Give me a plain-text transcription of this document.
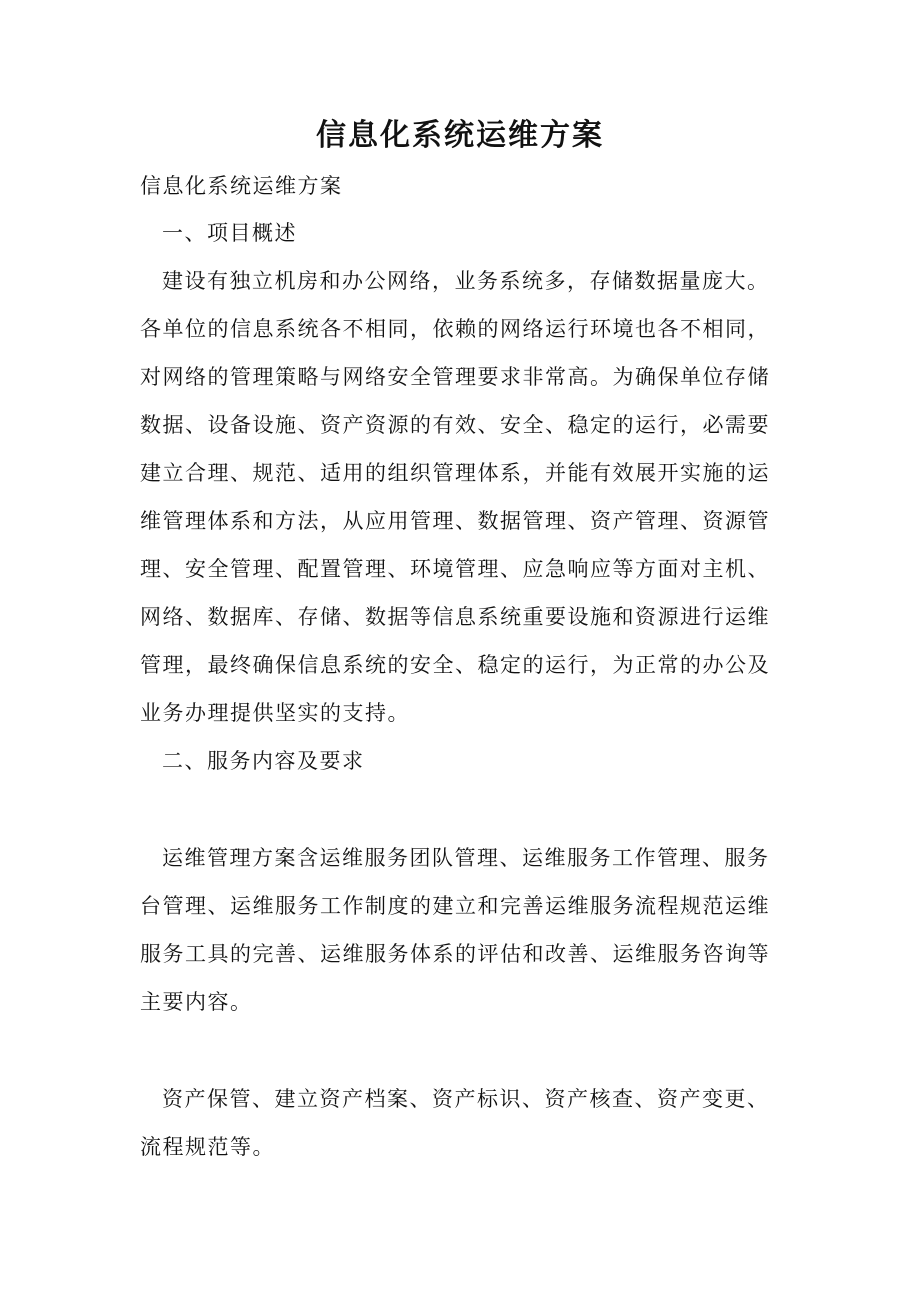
信息化系统运维方案
信息化系统运维方案
一、项目概述
建设有独立机房和办公网络，业务系统多，存储数据量庞大。
各单位的信息系统各不相同，依赖的网络运行环境也各不相同，
对网络的管理策略与网络安全管理要求非常高。为确保单位存储
数据、设备设施、资产资源的有效、安全、稳定的运行，必需要
建立合理、规范、适用的组织管理体系，并能有效展开实施的运
维管理体系和方法，从应用管理、数据管理、资产管理、资源管
理、安全管理、配置管理、环境管理、应急响应等方面对主机、
网络、数据库、存储、数据等信息系统重要设施和资源进行运维
管理，最终确保信息系统的安全、稳定的运行，为正常的办公及
业务办理提供坚实的支持。
二、服务内容及要求
运维管理方案含运维服务团队管理、运维服务工作管理、服务
台管理、运维服务工作制度的建立和完善运维服务流程规范运维
服务工具的完善、运维服务体系的评估和改善、运维服务咨询等
主要内容。
资产保管、建立资产档案、资产标识、资产核查、资产变更、
流程规范等。
